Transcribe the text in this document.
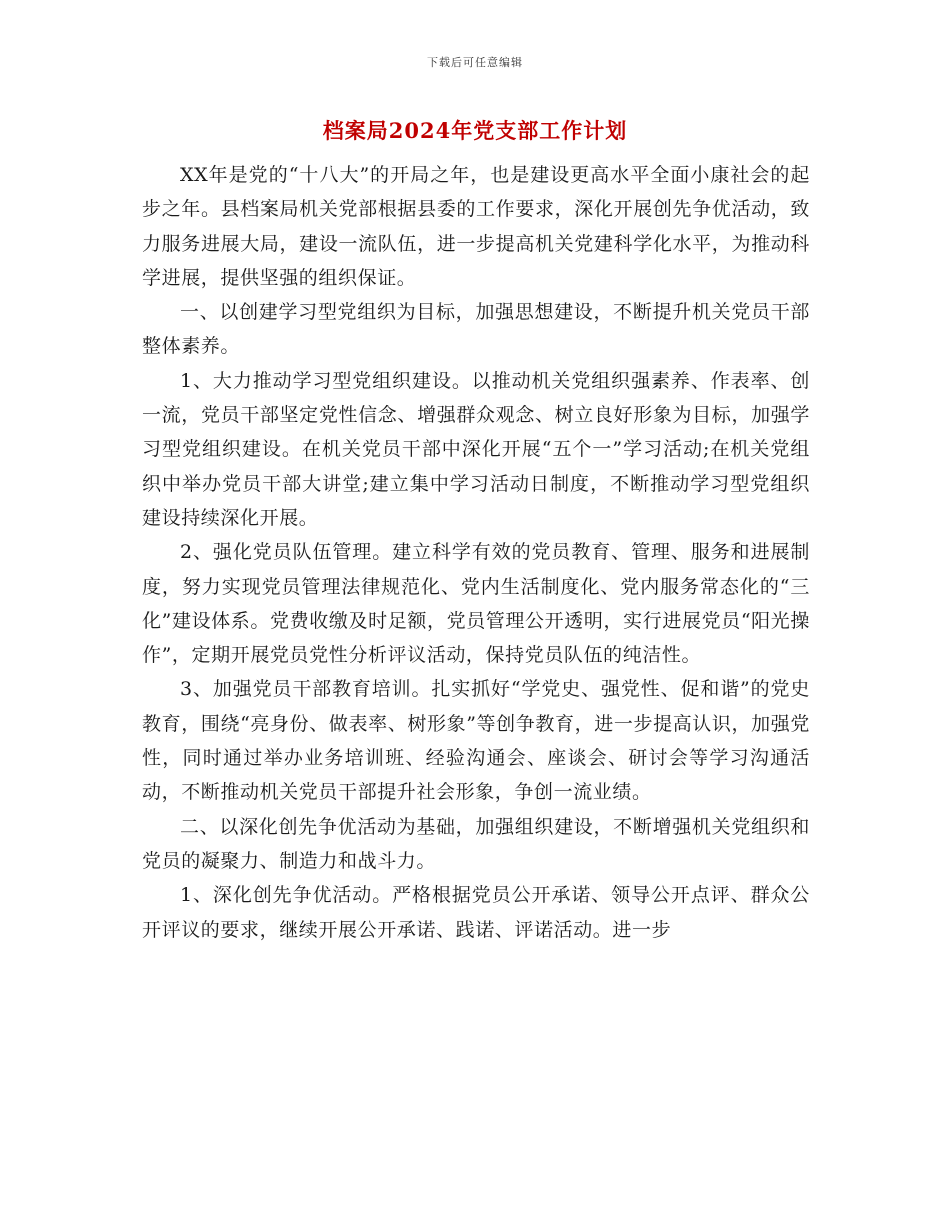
下载后可任意编辑
档案局2024年党支部工作计划

XX年是党的“十八大”的开局之年，也是建设更高水平全面小康社会的起步之年。县档案局机关党部根据县委的工作要求，深化开展创先争优活动，致力服务进展大局，建设一流队伍，进一步提高机关党建科学化水平，为推动科学进展，提供坚强的组织保证。

一、以创建学习型党组织为目标，加强思想建设，不断提升机关党员干部整体素养。

1、大力推动学习型党组织建设。以推动机关党组织强素养、作表率、创一流，党员干部坚定党性信念、增强群众观念、树立良好形象为目标，加强学习型党组织建设。在机关党员干部中深化开展“五个一”学习活动;在机关党组织中举办党员干部大讲堂;建立集中学习活动日制度，不断推动学习型党组织建设持续深化开展。

2、强化党员队伍管理。建立科学有效的党员教育、管理、服务和进展制度，努力实现党员管理法律规范化、党内生活制度化、党内服务常态化的“三化”建设体系。党费收缴及时足额，党员管理公开透明，实行进展党员“阳光操作”，定期开展党员党性分析评议活动，保持党员队伍的纯洁性。

3、加强党员干部教育培训。扎实抓好“学党史、强党性、促和谐”的党史教育，围绕“亮身份、做表率、树形象”等创争教育，进一步提高认识，加强党性，同时通过举办业务培训班、经验沟通会、座谈会、研讨会等学习沟通活动，不断推动机关党员干部提升社会形象，争创一流业绩。

二、以深化创先争优活动为基础，加强组织建设，不断增强机关党组织和党员的凝聚力、制造力和战斗力。

1、深化创先争优活动。严格根据党员公开承诺、领导公开点评、群众公开评议的要求，继续开展公开承诺、践诺、评诺活动。进一步
